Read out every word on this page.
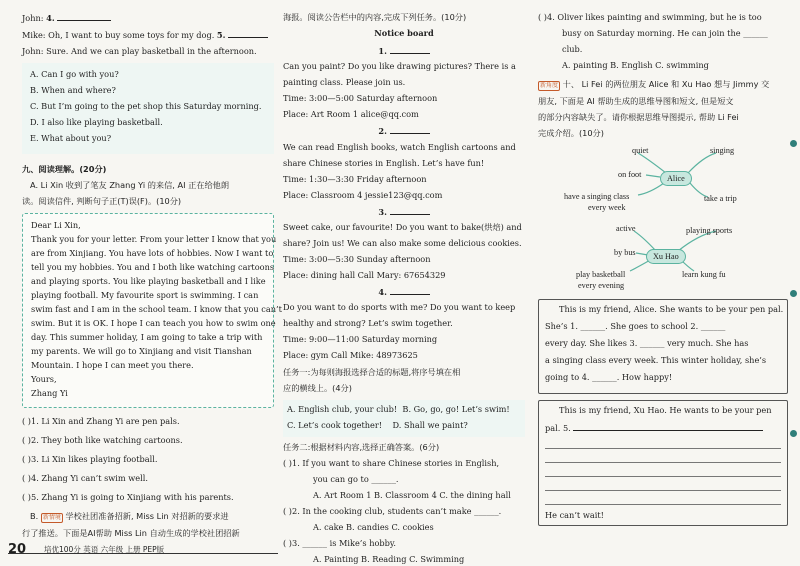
John: 4.
Mike: Oh, I want to buy some toys for my dog. 5.
John: Sure. And we can play basketball in the afternoon.
A. Can I go with you?
B. When and where?
C. But I’m going to the pet shop this Saturday morning.
D. I also like playing basketball.
E. What about you?
九、阅读理解。(20分)
A. Li Xin 收到了笔友 Zhang Yi 的来信, AI 正在给他朗
读。阅读信件, 判断句子正(T)误(F)。(10分)
Dear Li Xin,
Thank you for your letter. From your letter I know that you
are from Xinjiang. You have lots of hobbies. Now I want to
tell you my hobbies. You and I both like watching cartoons
and playing sports. You like playing basketball and I like
playing football. My favourite sport is swimming. I can
swim fast and I am in the school team. I know that you can’t
swim. But it is OK. I hope I can teach you how to swim one
day. This summer holiday, I am going to take a trip with
my parents. We will go to Xinjiang and visit Tianshan
Mountain. I hope I can meet you there.
Yours,
Zhang Yi
( )1. Li Xin and Zhang Yi are pen pals.
( )2. They both like watching cartoons.
( )3. Li Xin likes playing football.
( )4. Zhang Yi can’t swim well.
( )5. Zhang Yi is going to Xinjiang with his parents.
B. 新情境 学校社团准备招新, Miss Lin 对招新的要求进
行了推送。下面是AI帮助 Miss Lin 自动生成的学校社团招新
海报。阅读公告栏中的内容,完成下列任务。(10分)
Notice board
1.
Can you paint? Do you like drawing pictures? There is a
painting class. Please join us.
Time: 3:00—5:00 Saturday afternoon
Place: Art Room 1 alice@qq.com
2.
We can read English books, watch English cartoons and
share Chinese stories in English. Let’s have fun!
Time: 1:30—3:30 Friday afternoon
Place: Classroom 4 jessie123@qq.com
3.
Sweet cake, our favourite! Do you want to bake(烘焙) and
share? Join us! We can also make some delicious cookies.
Time: 3:00—5:30 Sunday afternoon
Place: dining hall Call Mary: 67654329
4.
Do you want to do sports with me? Do you want to keep
healthy and strong? Let’s swim together.
Time: 9:00—11:00 Saturday morning
Place: gym Call Mike: 48973625
任务一:为每则海报选择合适的标题,将序号填在相
应的横线上。(4分)
A. English club, your club! B. Go, go, go! Let’s swim!
C. Let’s cook together! D. Shall we paint?
任务二:根据材料内容,选择正确答案。(6分)
( )1. If you want to share Chinese stories in English,
you can go to ______.
A. Art Room 1 B. Classroom 4 C. the dining hall
( )2. In the cooking club, students can’t make ______.
A. cake B. candies C. cookies
( )3. ______ is Mike’s hobby.
A. Painting B. Reading C. Swimming
( )4. Oliver likes painting and swimming, but he is too
busy on Saturday morning. He can join the ______
club.
A. painting B. English C. swimming
新角度 十、 Li Fei 的两位朋友 Alice 和 Xu Hao 想与 Jimmy 交
朋友, 下面是 AI 帮助生成的思维导图和短文, 但是短文
的部分内容缺失了。请你根据思维导图提示, 帮助 Li Fei
完成介绍。(10分)
quiet	singing
on foot	Alice
have a singing class
every week
take a trip
active	playing sports
by bus	Xu Hao
play basketball
every evening
learn kung fu
This is my friend, Alice. She wants to be your pen pal.
She’s 1. ______. She goes to school 2. ______
every day. She likes 3. ______ very much. She has
a singing class every week. This winter holiday, she’s
going to 4. ______. How happy!
This is my friend, Xu Hao. He wants to be your pen
pal. 5.
He can’t wait!
20 培优100分 英语 六年级 上册 PEP版
